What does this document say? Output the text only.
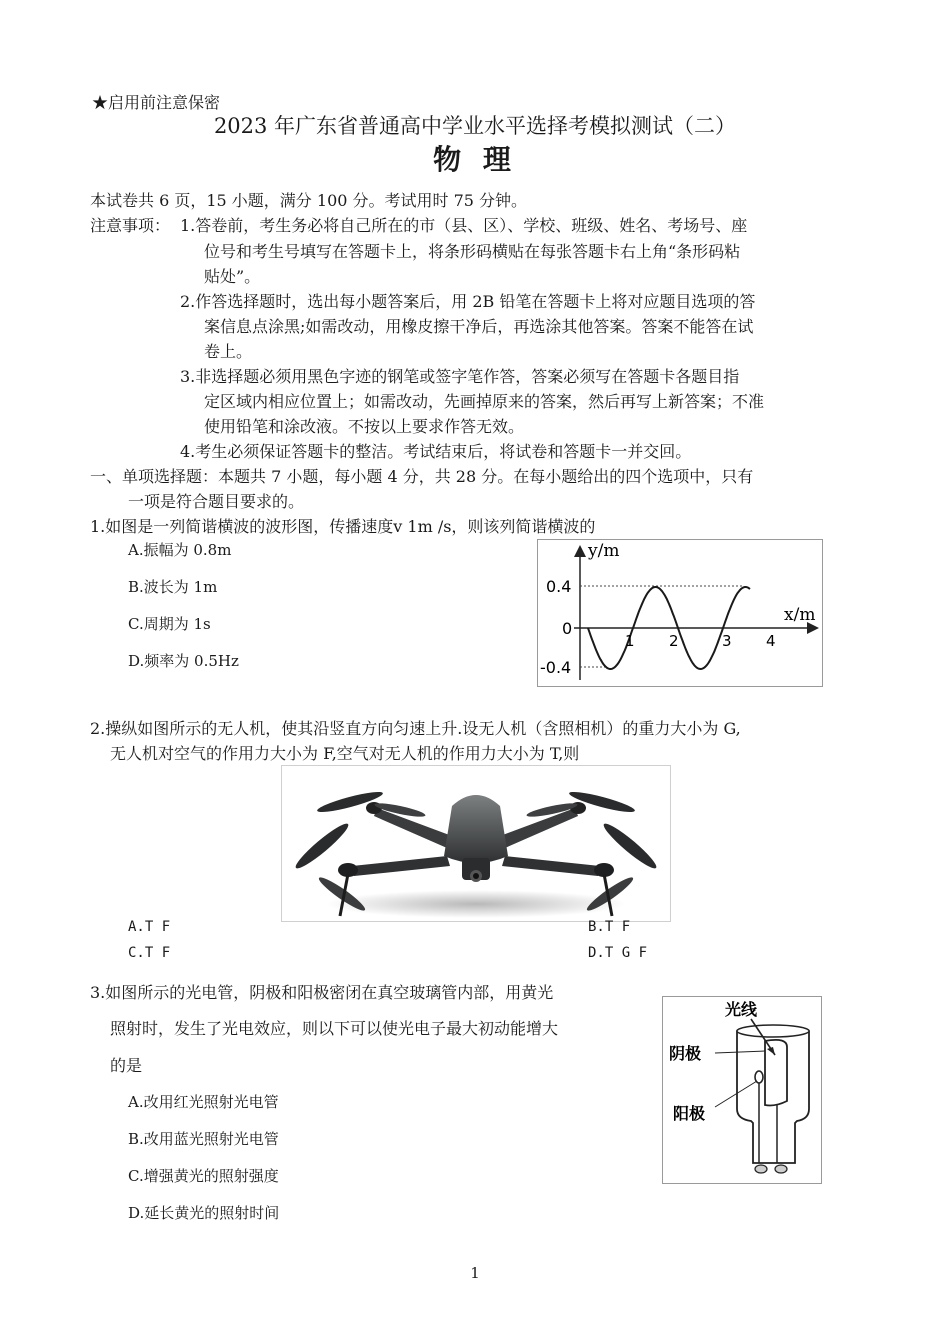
★启用前注意保密
2023 年广东省普通高中学业水平选择考模拟测试（二）
物 理
本试卷共 6 页，15 小题，满分 100 分。考试用时 75 分钟。
注意事项： 1.答卷前，考生务必将自己所在的市（县、区）、学校、班级、姓名、考场号、座
位号和考生号填写在答题卡上，将条形码横贴在每张答题卡右上角“条形码粘
贴处”。
2.作答选择题时，选出每小题答案后，用 2B 铅笔在答题卡上将对应题目选项的答
案信息点涂黑;如需改动，用橡皮擦干净后，再选涂其他答案。答案不能答在试
卷上。
3.非选择题必须用黑色字迹的钢笔或签字笔作答，答案必须写在答题卡各题目指
定区域内相应位置上；如需改动，先画掉原来的答案，然后再写上新答案；不准
使用铅笔和涂改液。不按以上要求作答无效。
4.考生必须保证答题卡的整洁。考试结束后，将试卷和答题卡一并交回。
一、单项选择题：本题共 7 小题，每小题 4 分，共 28 分。在每小题给出的四个选项中，只有
一项是符合题目要求的。
1.如图是一列简谐横波的波形图，传播速度v 1m /s，则该列简谐横波的
A.振幅为 0.8m
B.波长为 1m
C.周期为 1s
D.频率为 0.5Hz
y/m
x/m
0.4
0
-0.4
1 2	3 4
2.操纵如图所示的无人机，使其沿竖直方向匀速上升.设无人机（含照相机）的重力大小为 G,
无人机对空气的作用力大小为 F,空气对无人机的作用力大小为 T,则
A.T F	B.T F
C.T F	D.T G F
3.如图所示的光电管，阴极和阳极密闭在真空玻璃管内部，用黄光
照射时，发生了光电效应，则以下可以使光电子最大初动能增大
的是
A.改用红光照射光电管
B.改用蓝光照射光电管
C.增强黄光的照射强度
D.延长黄光的照射时间
光线
阴极
阳极
1
